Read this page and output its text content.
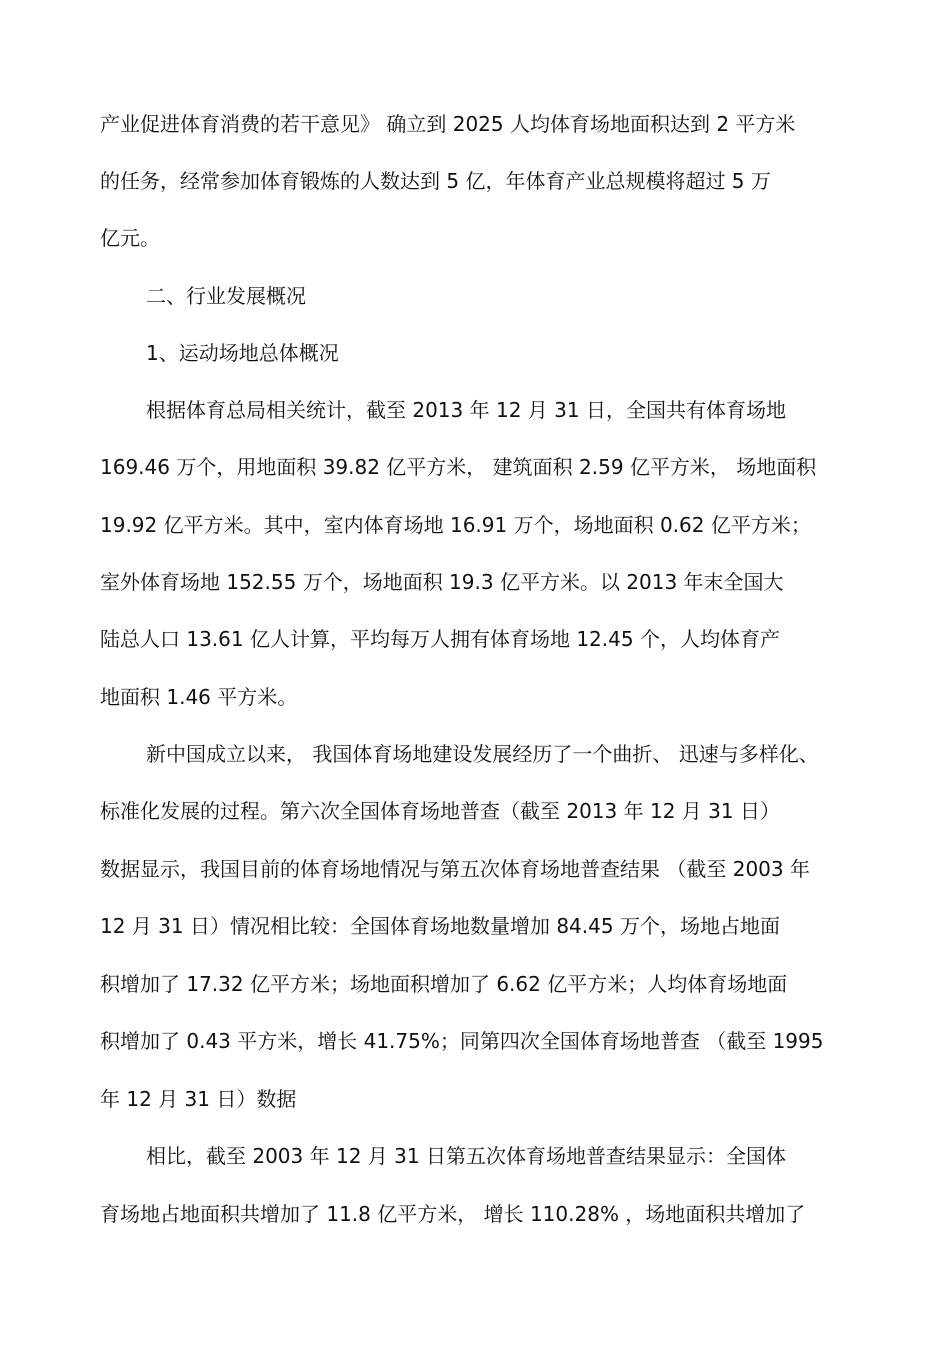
产业促进体育消费的若干意见》 确立到 2025 人均体育场地面积达到 2 平方米
的任务，经常参加体育锻炼的人数达到 5 亿，年体育产业总规模将超过 5 万
亿元。
二、行业发展概况
1、运动场地总体概况
根据体育总局相关统计，截至 2013 年 12 月 31 日，全国共有体育场地
169.46 万个，用地面积 39.82 亿平方米， 建筑面积 2.59 亿平方米， 场地面积
19.92 亿平方米。其中，室内体育场地 16.91 万个，场地面积 0.62 亿平方米；
室外体育场地 152.55 万个，场地面积 19.3 亿平方米。以 2013 年末全国大
陆总人口 13.61 亿人计算，平均每万人拥有体育场地 12.45 个，人均体育产
地面积 1.46 平方米。
新中国成立以来， 我国体育场地建设发展经历了一个曲折、 迅速与多样化、
标准化发展的过程。第六次全国体育场地普查（截至 2013 年 12 月 31 日）
数据显示，我国目前的体育场地情况与第五次体育场地普查结果 （截至 2003 年
12 月 31 日）情况相比较：全国体育场地数量增加 84.45 万个，场地占地面
积增加了 17.32 亿平方米；场地面积增加了 6.62 亿平方米；人均体育场地面
积增加了 0.43 平方米，增长 41.75%；同第四次全国体育场地普查 （截至 1995
年 12 月 31 日）数据
相比，截至 2003 年 12 月 31 日第五次体育场地普查结果显示：全国体
育场地占地面积共增加了 11.8 亿平方米， 增长 110.28% ，场地面积共增加了
